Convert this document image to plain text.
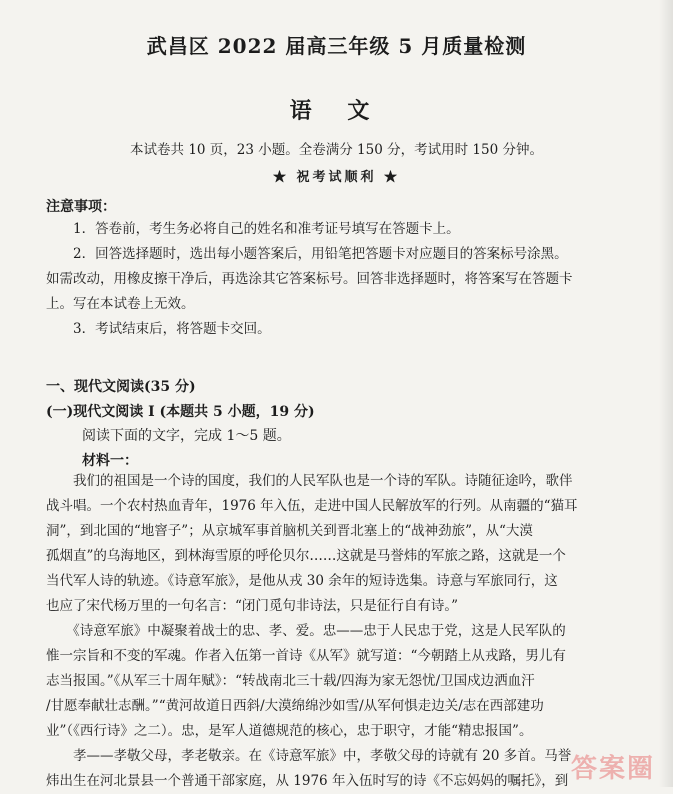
武昌区 2022 届高三年级 5 月质量检测
语 文
本试卷共 10 页，23 小题。全卷满分 150 分，考试用时 150 分钟。
★ 祝考试顺利 ★
注意事项：
　　1．答卷前，考生务必将自己的姓名和准考证号填写在答题卡上。
　　2．回答选择题时，选出每小题答案后，用铅笔把答题卡对应题目的答案标号涂黑。
如需改动，用橡皮擦干净后，再选涂其它答案标号。回答非选择题时，将答案写在答题卡
上。写在本试卷上无效。
　　3．考试结束后，将答题卡交回。
一、现代文阅读(35 分)
(一)现代文阅读 I (本题共 5 小题，19 分)
阅读下面的文字，完成 1～5 题。
材料一：
　　我们的祖国是一个诗的国度，我们的人民军队也是一个诗的军队。诗随征途吟，歌伴
战斗唱。一个农村热血青年，1976 年入伍，走进中国人民解放军的行列。从南疆的“猫耳
洞”，到北国的“地窨子”；从京城军事首脑机关到晋北塞上的“战神劲旅”，从“大漠
孤烟直”的乌海地区，到林海雪原的呼伦贝尔……这就是马誉炜的军旅之路，这就是一个
当代军人诗的轨迹。《诗意军旅》，是他从戎 30 余年的短诗选集。诗意与军旅同行，这
也应了宋代杨万里的一句名言：“闭门觅句非诗法，只是征行自有诗。”
　　《诗意军旅》中凝聚着战士的忠、孝、爱。忠——忠于人民忠于党，这是人民军队的
惟一宗旨和不变的军魂。作者入伍第一首诗《从军》就写道：“今朝踏上从戎路，男儿有
志当报国。”《从军三十周年赋》：“转战南北三十载/四海为家无怨忧/卫国戍边洒血汗
/甘愿奉献壮志酬。”“黄河故道日西斜/大漠绵绵沙如雪/从军何惧走边关/志在西部建功
业”（《西行诗》之二）。忠，是军人道德规范的核心，忠于职守，才能“精忠报国”。
　　孝——孝敬父母，孝老敬亲。在《诗意军旅》中，孝敬父母的诗就有 20 多首。马誉
炜出生在河北景县一个普通干部家庭，从 1976 年入伍时写的诗《不忘妈妈的嘱托》，到 答案圈
